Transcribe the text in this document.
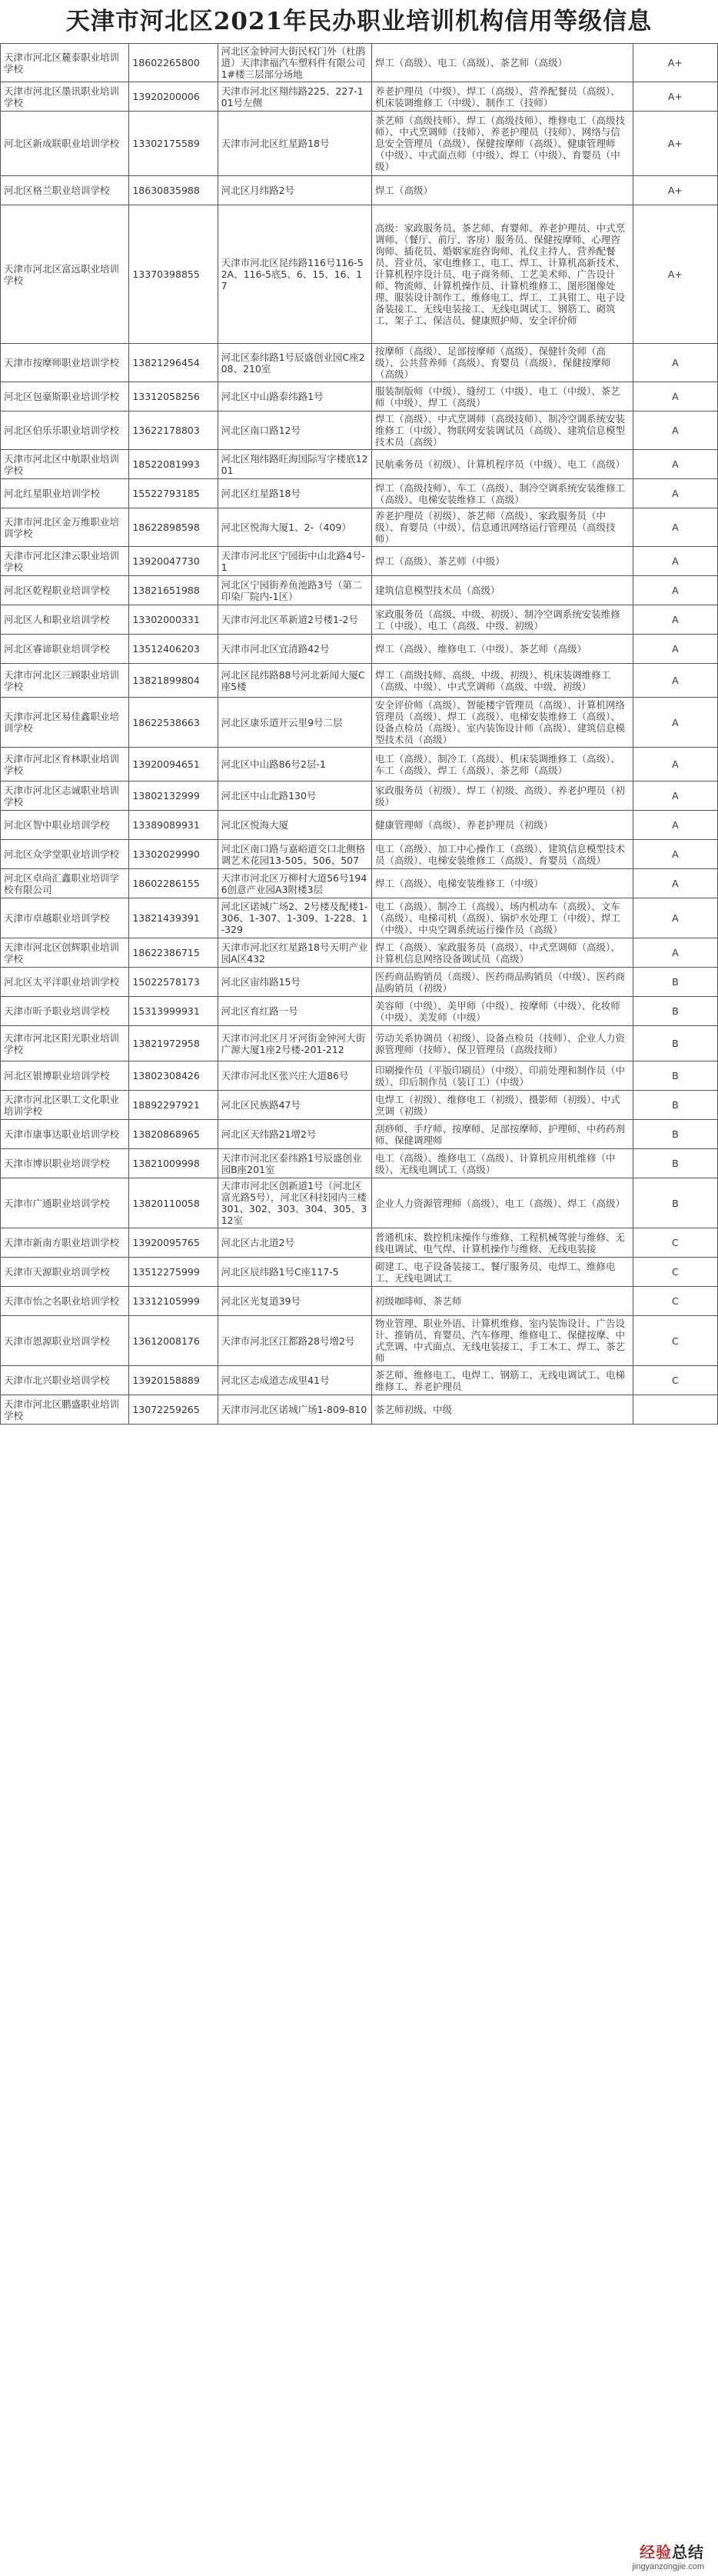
天津市河北区2021年民办职业培训机构信用等级信息
天津市河北区麓泰职业培训学校	18602265800	河北区金钟河大街民权门外（杜鹃道）天津津福汽车塑料件有限公司1#楼三层部分场地	焊工（高级）、电工（高级）、茶艺师（高级）	A+
天津市河北区墨讯职业培训学校	13920200006	天津市河北区翔纬路225、227-101号左侧	养老护理员（中级）、焊工（高级）、营养配餐员（高级）、机床装调维修工（中级）、制作工（技师）	A+
河北区新成联职业培训学校	13302175589	天津市河北区红星路18号	茶艺师（高级技师）、焊工（高级技师）、维修电工（高级技师）、中式烹调师（技师）、养老护理员（技师）、网络与信息安全管理员（高级）、保健按摩师（高级）、健康管理师（中级）、中式面点师（中级）、焊工（中级）、育婴员（中级）	A+
河北区格兰职业培训学校	18630835988	河北区月纬路2号	焊工（高级）	A+
天津市河北区富远职业培训学校	13370398855	天津市河北区昆纬路116号116-5 2A、116-5底5、6、15、16、17	高级：家政服务员、茶艺师、育婴师、养老护理员、中式烹调师、（餐厅、前厅、客房）服务员、保健按摩师、心理咨询师、插花员、婚姻家庭咨询师、礼仪主持人、营养配餐员、营业员、家电维修工、电工、焊工、计算机高新技术、计算机程序设计员、电子商务师、工艺美术师、广告设计师、物流师、计算机操作员、计算机维修工、图形图像处理、服装设计制作工、维修电工、焊工、工具钳工、电子设备装接工、无线电装接工、无线电调试工、钢筋工、砌筑工、架子工、保洁员、健康照护师、安全评价师	A+
天津市按摩师职业培训学校	13821296454	河北区泰纬路1号辰盛创业园C座208、210室	按摩师（高级）、足部按摩师（高级）、保健针灸师（高级）、公共营养师（高级）、育婴员（高级）、保健按摩师（高级）	A
河北区包豪斯职业培训学校	13312058256	河北区中山路泰纬路1号	服装制版师（中级）、缝纫工（中级）、电工（中级）、茶艺师（中级）、焊工（高级）	A
河北区伯乐乐职业培训学校	13622178803	河北区南口路12号	焊工（高级）、中式烹调师（高级技师）、制冷空调系统安装维修工（中级）、物联网安装调试员（高级）、建筑信息模型技术员（高级）	A
天津市河北区中航职业培训学校	18522081993	河北区翔纬路旺海国际写字楼底1201	民航乘务员（初级）、计算机程序员（中级）、电工（高级）	A
河北红星职业培训学校	15522793185	河北区红星路18号	焊工（高级技师）、车工（高级）、制冷空调系统安装维修工（高级）、电梯安装维修工（高级）	A
天津市河北区金万维职业培训学校	18622898598	河北区悦海大厦1、2-（409）	养老护理员（初级）、茶艺师（高级）、家政服务员（中级）、育婴员（中级）、信息通讯网络运行管理员（高级技师）	A
天津市河北区津云职业培训学校	13920047730	天津市河北区宁园街中山北路4号-1	焊工（高级）、茶艺师（中级）	A
河北区乾程职业培训学校	13821651988	河北区宁园街养鱼池路3号（第二印染厂院内-1区）	建筑信息模型技术员（高级）	A
河北区人和职业培训学校	13302000331	天津市河北区革新道2号楼1-2号	家政服务员（高级、中级、初级）、制冷空调系统安装维修工（中级）、电工（高级、中级、初级）	A
河北区睿谛职业培训学校	13512406203	天津市河北区宜清路42号	焊工（高级）、维修电工（中级）、茶艺师（高级）	A
天津市河北区三顾职业培训学校	13821899804	河北区昆纬路88号河北新闻大厦C座5楼	焊工（高级技师、高级、中级、初级）、机床装调维修工（高级、中级）、中式烹调师（高级、中级、初级）	A
天津市河北区易佳鑫职业培训学校	18622538663	河北区康乐道开云里9号二层	安全评价师（高级）、智能楼宇管理员（高级）、计算机网络管理员（高级）、焊工（高级）、电梯安装维修工（高级）、设备点检员（高级）、室内装饰设计师（高级）、建筑信息模型技术员（高级）	A
天津市河北区育林职业培训学校	13920094651	河北区中山路86号2层-1	电工（高级）、制冷工（高级）、机床装调维修工（高级）、车工（高级）、焊工（高级）、茶艺师（高级）	A
天津市河北区志诚职业培训学校	13802132999	河北区中山北路130号	家政服务员（初级）、焊工（初级、高级）、养老护理员（初级）	A
河北区智中职业培训学校	13389089931	河北区悦海大厦	健康管理师（高级）、养老护理员（初级）	A
河北区众学堂职业培训学校	13302029990	河北区南口路与嘉峪道交口北侧格调艺术花园13-505、506、507	电工（高级）、加工中心操作工（高级）、建筑信息模型技术员（高级）、电梯安装维修工（高级）、育婴员（高级）	A
河北区卓尚汇鑫职业培训学校有限公司	18602286155	天津市河北区万柳村大道56号1946创意产业园A3附楼3层	焊工（高级）、电梯安装维修工（中级）	A
天津市卓越职业培训学校	13821439391	河北区诺城广场2、2号楼及配楼1-306、1-307、1-309、1-228、1-329	电工（高级）、制冷工（高级）、场内机动车（高级）、文车（高级）、电梯司机（高级）、锅炉水处理工（中级）、焊工（中级）、中央空调系统运行操作员（高级）	A
天津市河北区创辉职业培训学校	18622386715	天津市河北区红星路18号天明产业园A区432	焊工（高级）、家政服务员（高级）、中式烹调师（高级）、计算机信息网络设备调试员（高级）	A
河北区太平洋职业培训学校	15022578173	河北区宙纬路15号	医药商品购销员（高级）、医药商品购销员（中级）、医药商品购销员（初级）	B
天津市昕予职业培训学校	15313999931	河北区育红路一号	美容师（中级）、美甲师（中级）、按摩师（中级）、化妆师（中级）、美发师（中级）	B
天津市河北区阳光职业培训学校	13821972958	天津市河北区月牙河街金钟河大街广源大厦1座2号楼-201-212	劳动关系协调员（初级）、设备点检员（技师）、企业人力资源管理师（技师）、保卫管理员（高级技师）	B
河北区银博职业培训学校	13802308426	天津市河北区张兴庄大道86号	印刷操作员（平版印刷员）（中级）、印前处理和制作员（中级）、印后制作员（装订工）（中级）	B
天津市河北区职工文化职业培训学校	18892297921	河北区民族路47号	电焊工（初级）、维修电工（初级）、摄影师（初级）、中式烹调（初级）	B
天津市康事达职业培训学校	13820868965	河北区天纬路21增2号	刮痧师、手疗师、按摩师、足部按摩师、护理师、中药药剂师、保健调理师	B
天津市博识职业培训学校	13821009998	天津市河北区泰纬路1号辰盛创业园B座201室	电工（高级）、维修电工（高级）、计算机应用机维修（中级）、无线电调试工（高级）	B
天津市广通职业培训学校	13820110058	天津市河北区创新道1号（河北区富光路5号），河北区科技园内三楼301、302、303、304、305、312室	企业人力资源管理师（高级）、电工（高级）、焊工（高级）	B
天津市新南方职业培训学校	13920095765	河北区古北道2号	普通机床、数控机床操作与维修、工程机械驾驶与维修、无线电调试、电气焊、计算机操作与维修、无线电装接	C
天津市天源职业培训学校	13512275999	河北区辰纬路1号C座117-5	砌建工、电子设备装接工、餐厅服务员、电焊工、维修电工、无线电调试工	C
天津市怡之名职业培训学校	13312105999	河北区光复道39号	初级咖啡师、茶艺师	C
天津市恩源职业培训学校	13612008176	天津市河北区江都路28号增2号	物业管理、职业外语、计算机维修、室内装饰设计、广告设计、推销员、育婴员、汽车修理、维修电工、保健按摩、中式烹调、中式面点、无线电装接工、手工木工、焊工、茶艺师	C
天津市北兴职业培训学校	13920158889	河北区志成道志成里41号	茶艺师、维修电工、电焊工、钢筋工、无线电调试工、电梯维修工、养老护理员	C
天津市河北区鹏盛职业培训学校	13072259265	天津市河北区诺城广场1-809-810	茶艺师初级、中级	
经验总结
jingyanzongjie.com
